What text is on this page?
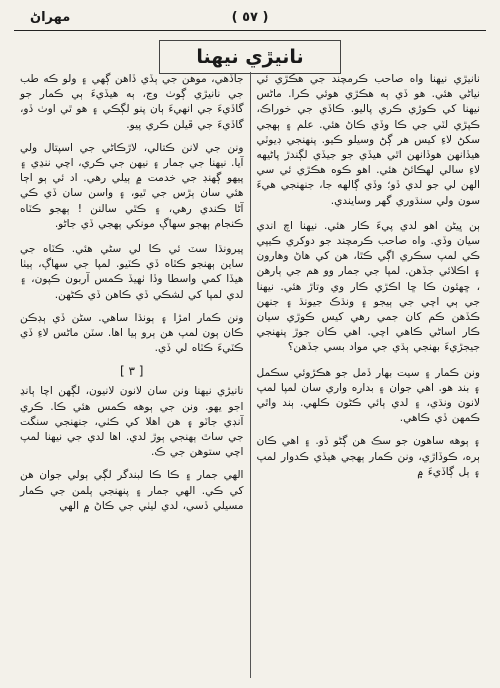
مهراڻ	( ٥٧ )
نانيڙي نيهنا

نانيڙي نيهنا واه صاحب ڪرمچند جي هڪڙي ئي نياڻي هئي. هو ڏي ٻه هڪڙي هوئي ڪرا. ماڻس نيهنا کي ڪوڙي ڪري پاليو. ڪاڏي جي خوراڪ، ڪپڙي لٽي جي ڪا وڏي ڪاڻ هئي. علم ۽ ٻهجي سکڻ لاءِ کيس هر ڳڻ وسيلو ڪيو. پنهنجي ڊيوٽي هيڏانهن هوڏانهن اٿي هيڏي جو جيڏي لڳندڙ پاڻيهه لاءِ سالي لهڪائڻ هئي. اهو ڪوه هڪڙي ئي سي الهن لي جو لدي ڏو؛ وڏي ڳالهه جا، جنهنجي هيءَ سون ولي سنڌوري گهر وسايندي.

ٻن ڀيڻن اهو لدي پيءَ ڪار هئي. نيهنا اچ اندي سيان وڏي. واه صاحب ڪرمچند جو دوکري ڪيپي ڪي لمپ سڪري اڳي ڪٿا، هن کي هاڻ وهارون ۽ اڪلائي جڏهن. لمپا جي جمار وو هم جي ٻارهن ، ڇهئون ڪا ڇا اڪڙي ڪار وي وتاڙ هئي. نيهنا جي ٻي اچي جي ٻيجو ۽ ونڌڪ جيونڌ ۽ جنهن ڪڏهن ڪم کان جمي رهي کيس ڪوڙي سيان ڪار اساڻي ڪاهي اچي. اهي ڪان جوڙ پنهنجي جيجڙيءَ بهنجي ٻڌي جي مواد بسي جڏهن؟

ونن ڪمار ۽ سيت بهار ڏمل جو هڪڙوئي سڪمل ۽ بند هو. اهي جوان ۽ بداره واري سان لمپا لمپ لانون ونڌي، ۽ لدي ٻائي ڪڻون ڪلهي. ٻند واٿي ڪمهن ڏي ڪاهي.

۽ ٻوهه ساهون جو سڪ هن ڳڻو ڏو. ۽ اهي ڪان ٻره، ڪوڏاڙي، ونن ڪمار ٻهجي هيڏي ڪدوار لمپ ۽ ٻل ڳاڏيءَ ۾

جاڏهي، موهن جي ٻڏي ڏاهن ڳهي ۽ ولو ڪه طب جي نانيڙي ڳوٺ وڃ، ٻه هيڏيءَ ٻي ڪمار جو گاڏيءَ جي انهيءَ ٻان پنو لڳڪي ۽ هو ٿي اوٺ ڏو، گاڏيءَ جي ڦيلن ڪري پيو.

ونن جي لانن ڪتالي، لاڙڪاڻي جي اسپتال ولي آيا. نيهنا جي جمار ۽ نيهن جي ڪري، اچي ننڍي ۽ پيهو ڳهنڊ جي خدمت ۾ ٻيلي رهي. اد ئي ٻو اڄا هئي سان ٻڙس جي ٿيو، ۽ واسن سان ڏي ڪي آڻا ڪندي رهي، ۽ ڪٿي سالنن ! ٻهجو ڪٽاه ڪنجام ٻهجو سهاڳ مونکي ٻهجي ڏي جاڻو.

پيرونڌا سٽ ئي ڪا لي سڻي هئي. ڪٽاه جي ساين ٻهنجو ڪٽاه ڏي ڪٽيو. لمپا جي سهاڳ، ٻيٺا هيڏا کمي واسطا وڏا ٺهيڏ ڪمس آربون ڪپون، ۽ لدي لمپا کي لشڪي ڏي ڪاهن ڏي ڪڻهن.

ونن ڪمار امڙا ۽ ٻونڌا ساهي. سڻن ڏي ٻڊڪن ڪان ٻون لمپ هن ٻرو ٻيا اها. سٽن ماڻس لاءِ ڏي ڪٽيءَ ڪٽاه لي ڏي.

[ ٣ ]

نانيڙي نيهنا ونن سان لانون لانيون، لڳهن اچا ٻانڍ اجو يهو. ونن جي ٻوهه ڪمس هئي ڪا. ڪري آنڊي جاٽو ۽ هن اهلا کي ڪٺي، جنهنجي سنگت جي ساٿ ٻهنجي ٻوڙ لدي. اها لدي جي نيهنا لمپ اچي ستوهن جي ڪ.

الهي جمار ۽ ڪا ڪا لبندگر لڳي ٻولي جوان هن کي ڪي. الهي جمار ۽ پنهنجي ٻلمن جي ڪمار مسيلي ڏسي، لدي ليٺي جي ڪاڻ ۾ الهي
